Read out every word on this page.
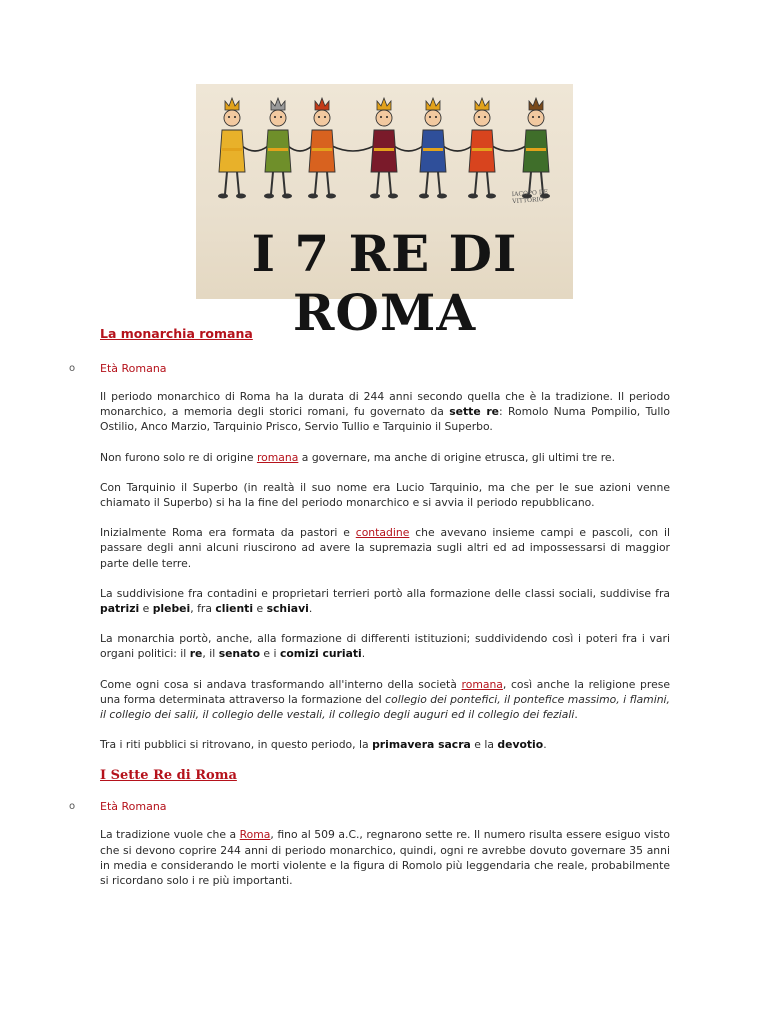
IACOPO DE VITTORIO
I 7 RE DI ROMA
La monarchia romana
o Età Romana

Il periodo monarchico di Roma ha la durata di 244 anni secondo quella che è la tradizione. Il periodo monarchico, a memoria degli storici romani, fu governato da sette re: Romolo Numa Pompilio, Tullo Ostilio, Anco Marzio, Tarquinio Prisco, Servio Tullio e Tarquinio il Superbo.

Non furono solo re di origine romana a governare, ma anche di origine etrusca, gli ultimi tre re.

Con Tarquinio il Superbo (in realtà il suo nome era Lucio Tarquinio, ma che per le sue azioni venne chiamato il Superbo) si ha la fine del periodo monarchico e si avvia il periodo repubblicano.

Inizialmente Roma era formata da pastori e contadine che avevano insieme campi e pascoli, con il passare degli anni alcuni riuscirono ad avere la supremazia sugli altri ed ad impossessarsi di maggior parte delle terre.

La suddivisione fra contadini e proprietari terrieri portò alla formazione delle classi sociali, suddivise fra patrizi e plebei, fra clienti e schiavi.

La monarchia portò, anche, alla formazione di differenti istituzioni; suddividendo così i poteri fra i vari organi politici: il re, il senato e i comizi curiati.

Come ogni cosa si andava trasformando all'interno della società romana, così anche la religione prese una forma determinata attraverso la formazione del collegio dei pontefici, il pontefice massimo, i flamini, il collegio dei salii, il collegio delle vestali, il collegio degli auguri ed il collegio dei feziali.

Tra i riti pubblici si ritrovano, in questo periodo, la primavera sacra e la devotio.

I Sette Re di Roma
o Età Romana

La tradizione vuole che a Roma, fino al 509 a.C., regnarono sette re. Il numero risulta essere esiguo visto che si devono coprire 244 anni di periodo monarchico, quindi, ogni re avrebbe dovuto governare 35 anni in media e considerando le morti violente e la figura di Romolo più leggendaria che reale, probabilmente si ricordano solo i re più importanti.
